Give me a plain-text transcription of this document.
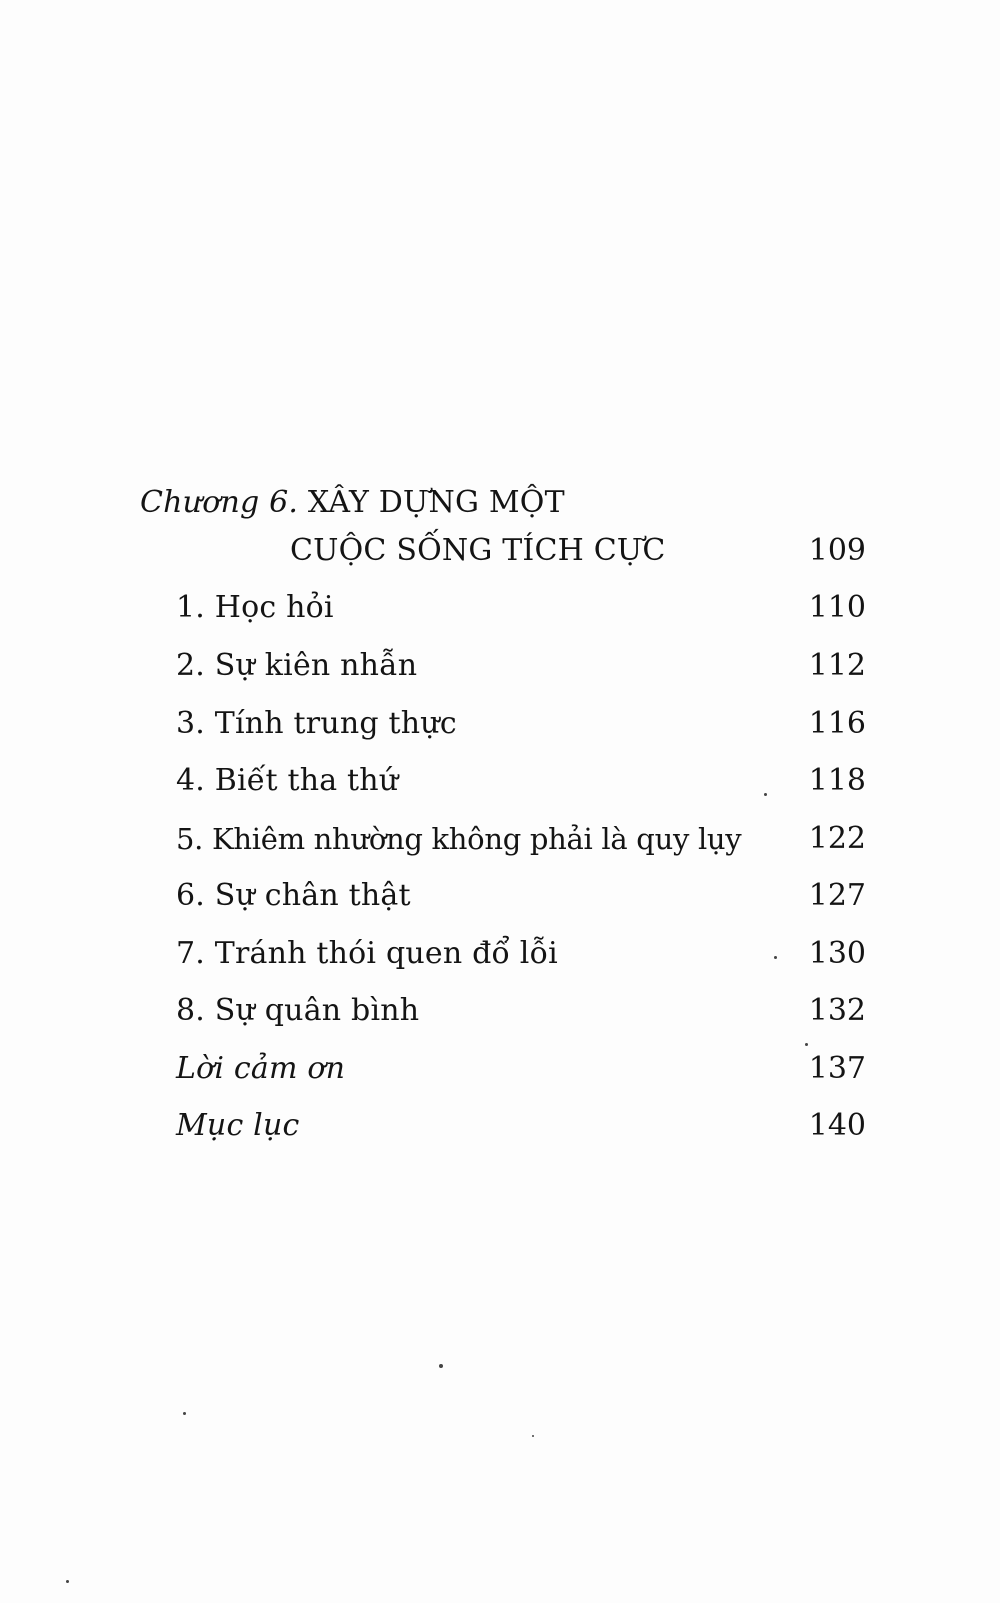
Chương 6. XÂY DỰNG MỘT
CUỘC SỐNG TÍCH CỰC	109
1. Học hỏi	110
2. Sự kiên nhẫn	112
3. Tính trung thực	116
4. Biết tha thứ	118
5. Khiêm nhường không phải là quy lụy 122
6. Sự chân thật	127
7. Tránh thói quen đổ lỗi	130
8. Sự quân bình	132
Lời cảm ơn	137
Mục lục	140
